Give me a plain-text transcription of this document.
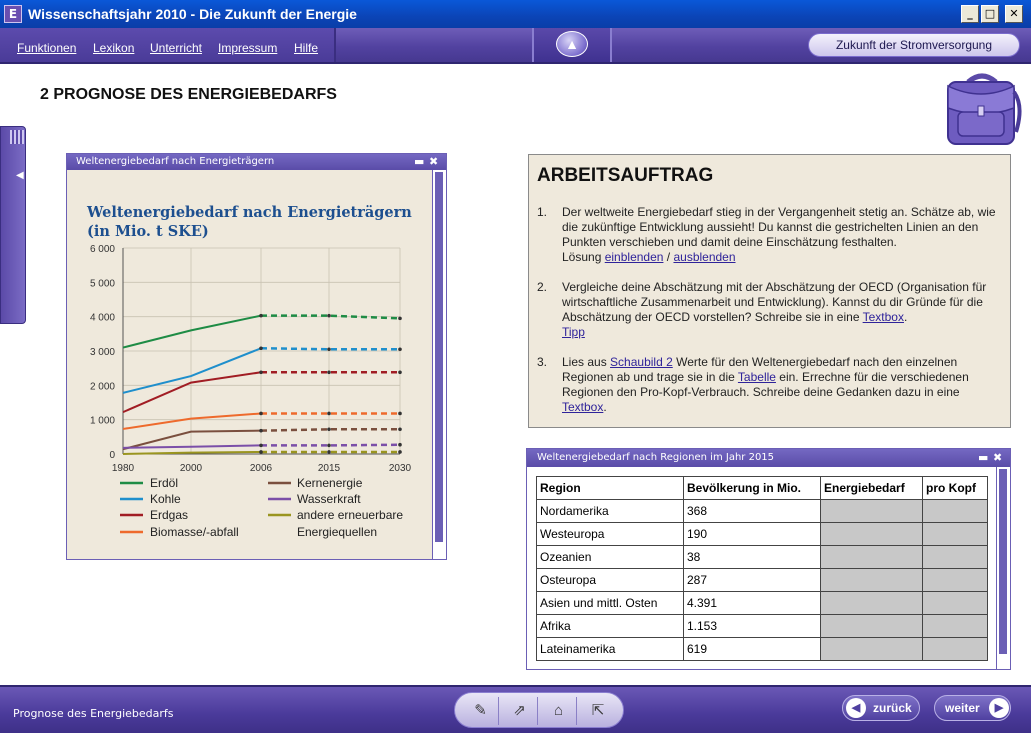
E Wissenschaftsjahr 2010 - Die Zukunft der Energie	_	□	✕
Funktionen Lexikon Unterricht Impressum Hilfe	▲	Zukunft der Stromversorgung
2 PROGNOSE DES ENERGIEBEDARFS
◀
Weltenergiebedarf nach Energieträgern	▬ ✖
Weltenergiebedarf nach Energieträgern
(in Mio. t SKE)
6 000
5 000
4 000
3 000
2 000
1 000
0
1980	2000	2006	2015	2030
Erdöl
Kohle
Erdgas
Biomasse/-abfall
Kernenergie
Wasserkraft
andere erneuerbare
Energiequellen
ARBEITSAUFTRAG
1. Der weltweite Energiebedarf stieg in der Vergangenheit stetig an. Schätze ab, wie die zukünftige Entwicklung aussieht! Du kannst die gestrichelten Linien an den Punkten verschieben und damit deine Einschätzung festhalten.
Lösung einblenden / ausblenden
2. Vergleiche deine Abschätzung mit der Abschätzung der OECD (Organisation für wirtschaftliche Zusammenarbeit und Entwicklung). Kannst du dir Gründe für die Abschätzung der OECD vorstellen? Schreibe sie in eine Textbox.
Tipp
3. Lies aus Schaubild 2 Werte für den Weltenergiebedarf nach den einzelnen Regionen ab und trage sie in die Tabelle ein. Errechne für die verschiedenen Regionen den Pro-Kopf-Verbrauch. Schreibe deine Gedanken dazu in eine Textbox.
Weltenergiebedarf nach Regionen im Jahr 2015	▬ ✖
Region	Bevölkerung in Mio.	Energiebedarf	pro Kopf
Nordamerika	368		
Westeuropa	190		
Ozeanien	38		
Osteuropa	287		
Asien und mittl. Osten	4.391		
Afrika	1.153		
Lateinamerika	619		
Prognose des Energiebedarfs	✎	⇗	⌂	⇱	◀	zurück	weiter	▶
